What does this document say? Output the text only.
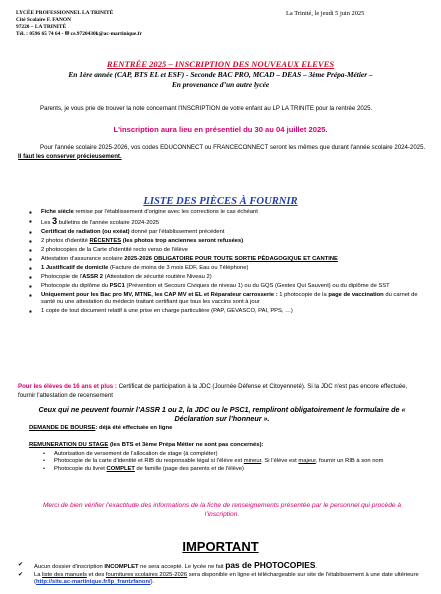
LYCÉE PROFESSIONNEL LA TRINITÉ
Cité Scolaire F. FANON
97220 – LA TRINITÉ
Tél. : 0596 65 74 64 - ✉ ce.9720430k@ac-martinique.fr
La Trinité, le jeudi 5 juin 2025
RENTRÉE 2025 – INSCRIPTION DES NOUVEAUX ELEVES
En 1ère année (CAP, BTS EL et ESF) - Seconde BAC PRO, MCAD – DEAS – 3ème Prépa-Métier –
En provenance d’un autre lycée
Parents, je vous prie de trouver la note concernant l'INSCRIPTION de votre enfant au LP LA TRINITE pour la rentrée 2025.
L'inscription aura lieu en présentiel du 30 au 04 juillet 2025.
Pour l'année scolaire 2025-2026, vos codes EDUCONNECT ou FRANCECONNECT seront les mêmes que durant l'année scolaire 2024-2025. Il faut les conserver précieusement.
LISTE DES PIÈCES À FOURNIR
▪ Fiche siècle remise par l'établissement d'origine avec les corrections le cas échéant
▪ Les 3 bulletins de l'année scolaire 2024-2025
▪ Certificat de radiation (ou exéat) donné par l'établissement précédent
▪ 2 photos d'identité RÉCENTES (les photos trop anciennes seront refusées)
▪ 2 photocopies de la Carte d'identité recto verso de l'élève
▪ Attestation d'assurance scolaire 2025-2026 OBLIGATOIRE POUR TOUTE SORTIE PÉDAGOGIQUE ET CANTINE
▪ 1 Justificatif de domicile (Facture de moins de 3 mois EDF, Eau ou Téléphone)
▪ Photocopie de l'ASSR 2 (Attestation de sécurité routière Niveau 2)
▪ Photocopie du diplôme du PSC1 (Prévention et Secours Civiques de niveau 1) ou du GQS (Gestes Qui Sauvent) ou du diplôme de SST
▪ Uniquement pour les Bac pro MV, MTNE, les CAP MV et EL et Réparateur carrosserie : 1 photocopie de la page de vaccination du carnet de santé ou une attestation du médecin traitant certifiant que tous les vaccins sont à jour
▪ 1 copie de tout document relatif à une prise en charge particulière (PAP, GEVASCO, PAI, PPS, …)
Pour les élèves de 16 ans et plus : Certificat de participation à la JDC (Journée Défense et Citoyenneté). Si la JDC n'est pas encore effectuée, fournir l'attestation de recensement
Ceux qui ne peuvent fournir l’ASSR 1 ou 2, la JDC ou le PSC1, rempliront obligatoirement le formulaire de « Déclaration sur l’honneur ».
DEMANDE DE BOURSE: déjà été effectuée en ligne
REMUNERATION DU STAGE (les BTS et 3ème Prépa Métier ne sont pas concernés):
• Autorisation de versement de l'allocation de stage (à compléter)
• Photocopie de la carte d'identité et RIB du responsable légal si l'élève est mineur. Si l'élève est majeur, fournir un RIB à son nom
• Photocopie du livret COMPLET de famille (page des parents et de l'élève)
Merci de bien vérifier l’exactitude des informations de la fiche de renseignements présentée par le personnel qui procède à l’inscription.
IMPORTANT
✔ Aucun dossier d'inscription INCOMPLET ne sera accepté. Le lycée ne fait pas de PHOTOCOPIES.
✔ La liste des manuels et des fournitures scolaires 2025-2026 sera disponible en ligne et téléchargeable sur site de l'établissement à une date ultérieure (http://site.ac-martinique.fr/lp_frantzfanon/).
